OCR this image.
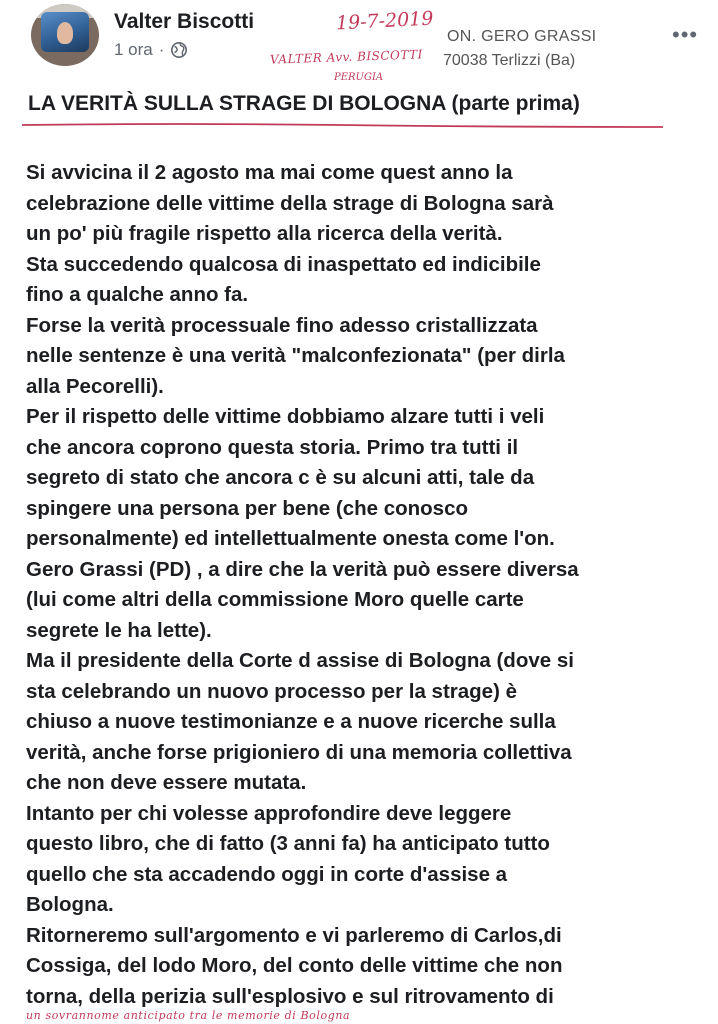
Valter Biscotti
1 ora ·
•••
19-7-2019
ON. GERO GRASSI
70038 Terlizzi (Ba)
VALTER Avv. BISCOTTI
PERUGIA
LA VERITÀ SULLA STRAGE DI BOLOGNA (parte prima)
Si avvicina il 2 agosto ma mai come quest anno la
celebrazione delle vittime della strage di Bologna sarà
un po' più fragile rispetto alla ricerca della verità.
Sta succedendo qualcosa di inaspettato ed indicibile
fino a qualche anno fa.
Forse la verità processuale fino adesso cristallizzata
nelle sentenze è una verità "malconfezionata" (per dirla
alla Pecorelli).
Per il rispetto delle vittime dobbiamo alzare tutti i veli
che ancora coprono questa storia. Primo tra tutti il
segreto di stato che ancora c è su alcuni atti, tale da
spingere una persona per bene (che conosco
personalmente) ed intellettualmente onesta come l'on.
Gero Grassi (PD) , a dire che la verità può essere diversa
(lui come altri della commissione Moro quelle carte
segrete le ha lette).
Ma il presidente della Corte d assise di Bologna (dove si
sta celebrando un nuovo processo per la strage) è
chiuso a nuove testimonianze e a nuove ricerche sulla
verità, anche forse prigioniero di una memoria collettiva
che non deve essere mutata.
Intanto per chi volesse approfondire deve leggere
questo libro, che di fatto (3 anni fa) ha anticipato tutto
quello che sta accadendo oggi in corte d'assise a
Bologna.
Ritorneremo sull'argomento e vi parleremo di Carlos,di
Cossiga, del lodo Moro, del conto delle vittime che non
torna, della perizia sull'esplosivo e sul ritrovamento di
un sovrannome anticipato tra le memorie di Bologna
